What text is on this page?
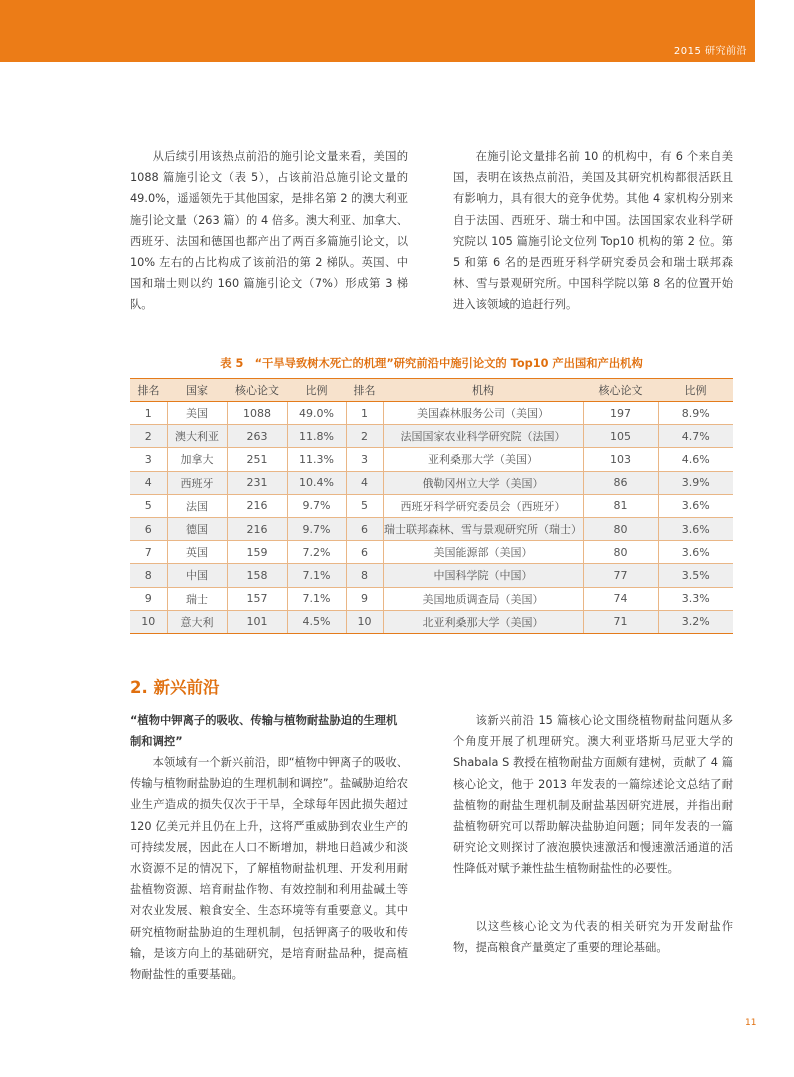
2015 研究前沿

从后续引用该热点前沿的施引论文量来看，美国的 1088 篇施引论文（表 5），占该前沿总施引论文量的 49.0%，遥遥领先于其他国家，是排名第 2 的澳大利亚施引论文量（263 篇）的 4 倍多。澳大利亚、加拿大、西班牙、法国和德国也都产出了两百多篇施引论文，以 10% 左右的占比构成了该前沿的第 2 梯队。英国、中国和瑞士则以约 160 篇施引论文（7%）形成第 3 梯队。

在施引论文量排名前 10 的机构中，有 6 个来自美国，表明在该热点前沿，美国及其研究机构都很活跃且有影响力，具有很大的竞争优势。其他 4 家机构分别来自于法国、西班牙、瑞士和中国。法国国家农业科学研究院以 105 篇施引论文位列 Top10 机构的第 2 位。第 5 和第 6 名的是西班牙科学研究委员会和瑞士联邦森林、雪与景观研究所。中国科学院以第 8 名的位置开始进入该领域的追赶行列。

表 5　“干旱导致树木死亡的机理”研究前沿中施引论文的 Top10 产出国和产出机构
排名	国家	核心论文	比例	排名	机构	核心论文	比例
1	美国	1088	49.0%	1	美国森林服务公司（美国）	197	8.9%
2	澳大利亚	263	11.8%	2	法国国家农业科学研究院（法国）	105	4.7%
3	加拿大	251	11.3%	3	亚利桑那大学（美国）	103	4.6%
4	西班牙	231	10.4%	4	俄勒冈州立大学（美国）	86	3.9%
5	法国	216	9.7%	5	西班牙科学研究委员会（西班牙）	81	3.6%
6	德国	216	9.7%	6	瑞士联邦森林、雪与景观研究所（瑞士）	80	3.6%
7	英国	159	7.2%	6	美国能源部（美国）	80	3.6%
8	中国	158	7.1%	8	中国科学院（中国）	77	3.5%
9	瑞士	157	7.1%	9	美国地质调查局（美国）	74	3.3%
10	意大利	101	4.5%	10	北亚利桑那大学（美国）	71	3.2%
2. 新兴前沿
“植物中钾离子的吸收、传输与植物耐盐胁迫的生理机制和调控”

本领域有一个新兴前沿，即“植物中钾离子的吸收、传输与植物耐盐胁迫的生理机制和调控”。盐碱胁迫给农业生产造成的损失仅次于干旱，全球每年因此损失超过 120 亿美元并且仍在上升，这将严重威胁到农业生产的可持续发展，因此在人口不断增加，耕地日趋减少和淡水资源不足的情况下，了解植物耐盐机理、开发利用耐盐植物资源、培育耐盐作物、有效控制和利用盐碱土等对农业发展、粮食安全、生态环境等有重要意义。其中研究植物耐盐胁迫的生理机制，包括钾离子的吸收和传输，是该方向上的基础研究，是培育耐盐品种，提高植物耐盐性的重要基础。

该新兴前沿 15 篇核心论文围绕植物耐盐问题从多个角度开展了机理研究。澳大利亚塔斯马尼亚大学的 Shabala S 教授在植物耐盐方面颇有建树，贡献了 4 篇核心论文，他于 2013 年发表的一篇综述论文总结了耐盐植物的耐盐生理机制及耐盐基因研究进展，并指出耐盐植物研究可以帮助解决盐胁迫问题；同年发表的一篇研究论文则探讨了液泡膜快速激活和慢速激活通道的活性降低对赋予兼性盐生植物耐盐性的必要性。

以这些核心论文为代表的相关研究为开发耐盐作物，提高粮食产量奠定了重要的理论基础。

11
